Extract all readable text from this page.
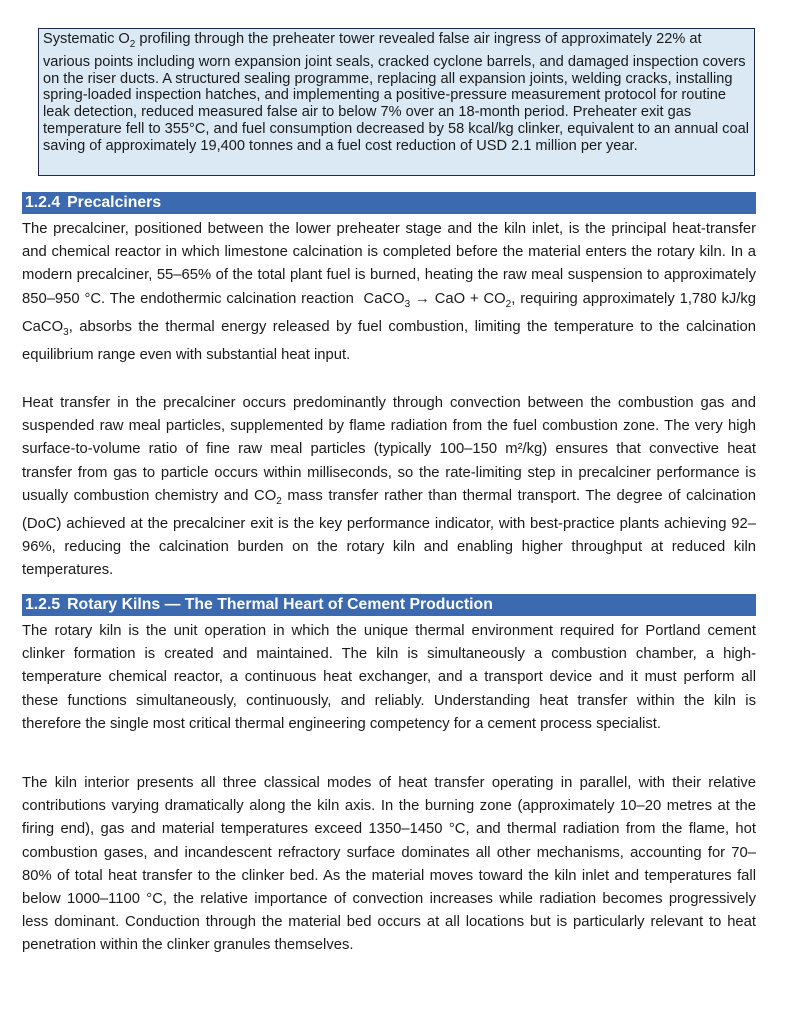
Systematic $O_2$ profiling through the preheater tower revealed false air ingress of approximately 22% at various points including worn expansion joint seals, cracked cyclone barrels, and damaged inspection covers on the riser ducts. A structured sealing programme, replacing all expansion joints, welding cracks, installing spring-loaded inspection hatches, and implementing a positive-pressure measurement protocol for routine leak detection, reduced measured false air to below 7% over an 18-month period. Preheater exit gas temperature fell to 355°C, and fuel consumption decreased by 58 kcal/kg clinker, equivalent to an annual coal saving of approximately 19,400 tonnes and a fuel cost reduction of USD 2.1 million per year.
1.2.4 Precalciners

The precalciner, positioned between the lower preheater stage and the kiln inlet, is the principal heat-transfer and chemical reactor in which limestone calcination is completed before the material enters the rotary kiln. In a modern precalciner, 55–65% of the total plant fuel is burned, heating the raw meal suspension to approximately 850–950 °C. The endothermic calcination reaction  CaCO$_3$ → CaO + $CO_2$, requiring approximately 1,780 kJ/kg CaCO$_3$, absorbs the thermal energy released by fuel combustion, limiting the temperature to the calcination equilibrium range even with substantial heat input.

Heat transfer in the precalciner occurs predominantly through convection between the combustion gas and suspended raw meal particles, supplemented by flame radiation from the fuel combustion zone. The very high surface-to-volume ratio of fine raw meal particles (typically 100–150 m²/kg) ensures that convective heat transfer from gas to particle occurs within milliseconds, so the rate-limiting step in precalciner performance is usually combustion chemistry and $CO_2$ mass transfer rather than thermal transport. The degree of calcination (DoC) achieved at the precalciner exit is the key performance indicator, with best-practice plants achieving 92–96%, reducing the calcination burden on the rotary kiln and enabling higher throughput at reduced kiln temperatures.

1.2.5 Rotary Kilns — The Thermal Heart of Cement Production

The rotary kiln is the unit operation in which the unique thermal environment required for Portland cement clinker formation is created and maintained. The kiln is simultaneously a combustion chamber, a high-temperature chemical reactor, a continuous heat exchanger, and a transport device and it must perform all these functions simultaneously, continuously, and reliably. Understanding heat transfer within the kiln is therefore the single most critical thermal engineering competency for a cement process specialist.

The kiln interior presents all three classical modes of heat transfer operating in parallel, with their relative contributions varying dramatically along the kiln axis. In the burning zone (approximately 10–20 metres at the firing end), gas and material temperatures exceed 1350–1450 °C, and thermal radiation from the flame, hot combustion gases, and incandescent refractory surface dominates all other mechanisms, accounting for 70–80% of total heat transfer to the clinker bed. As the material moves toward the kiln inlet and temperatures fall below 1000–1100 °C, the relative importance of convection increases while radiation becomes progressively less dominant. Conduction through the material bed occurs at all locations but is particularly relevant to heat penetration within the clinker granules themselves.
